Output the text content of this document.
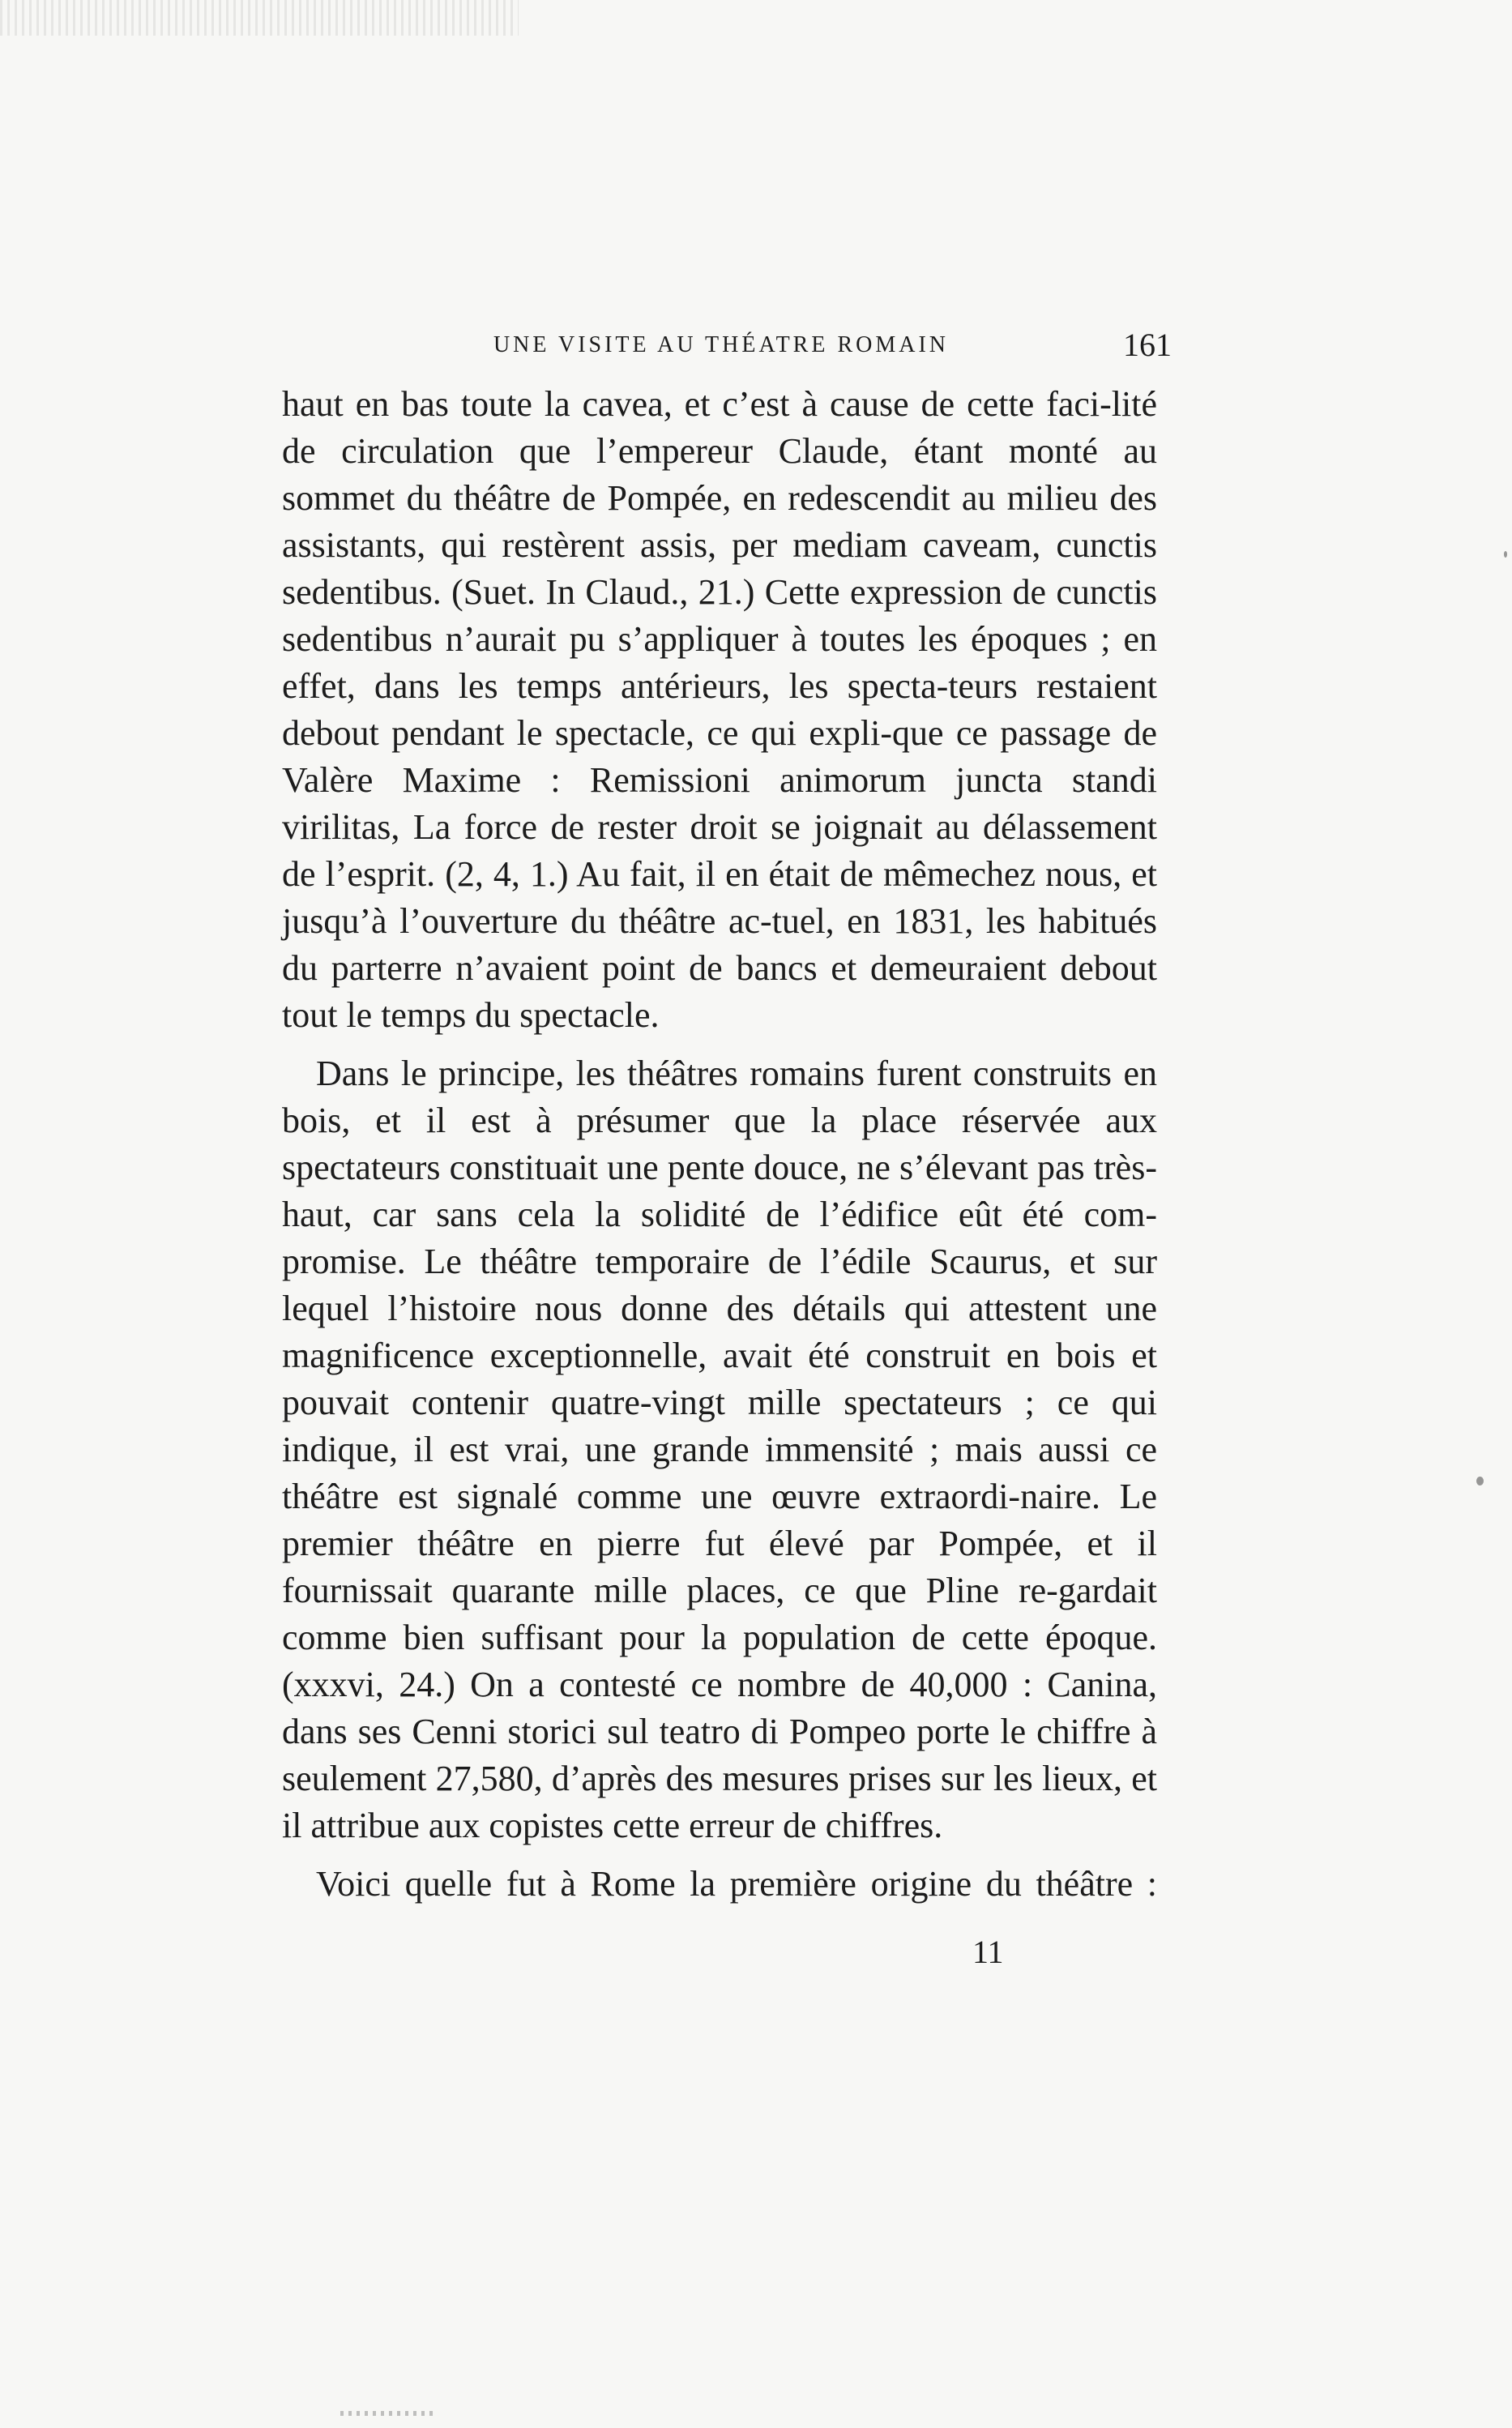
UNE VISITE AU THÉATRE ROMAIN	161

haut en bas toute la cavea, et c’est à cause de cette faci-lité de circulation que l’empereur Claude, étant monté au sommet du théâtre de Pompée, en redescendit au milieu des assistants, qui restèrent assis, per mediam caveam, cunctis sedentibus. (Suet. In Claud., 21.) Cette expression de cunctis sedentibus n’aurait pu s’appliquer à toutes les époques ; en effet, dans les temps antérieurs, les specta-teurs restaient debout pendant le spectacle, ce qui expli-que ce passage de Valère Maxime : Remissioni animorum juncta standi virilitas, La force de rester droit se joignait au délassement de l’esprit. (2, 4, 1.) Au fait, il en était de mêmechez nous, et jusqu’à l’ouverture du théâtre ac-tuel, en 1831, les habitués du parterre n’avaient point de bancs et demeuraient debout tout le temps du spectacle.

Dans le principe, les théâtres romains furent construits en bois, et il est à présumer que la place réservée aux spectateurs constituait une pente douce, ne s’élevant pas très-haut, car sans cela la solidité de l’édifice eût été com-promise. Le théâtre temporaire de l’édile Scaurus, et sur lequel l’histoire nous donne des détails qui attestent une magnificence exceptionnelle, avait été construit en bois et pouvait contenir quatre-vingt mille spectateurs ; ce qui indique, il est vrai, une grande immensité ; mais aussi ce théâtre est signalé comme une œuvre extraordi-naire. Le premier théâtre en pierre fut élevé par Pompée, et il fournissait quarante mille places, ce que Pline re-gardait comme bien suffisant pour la population de cette époque. (xxxvi, 24.) On a contesté ce nombre de 40,000 : Canina, dans ses Cenni storici sul teatro di Pompeo porte le chiffre à seulement 27,580, d’après des mesures prises sur les lieux, et il attribue aux copistes cette erreur de chiffres.

Voici quelle fut à Rome la première origine du théâtre :

11
